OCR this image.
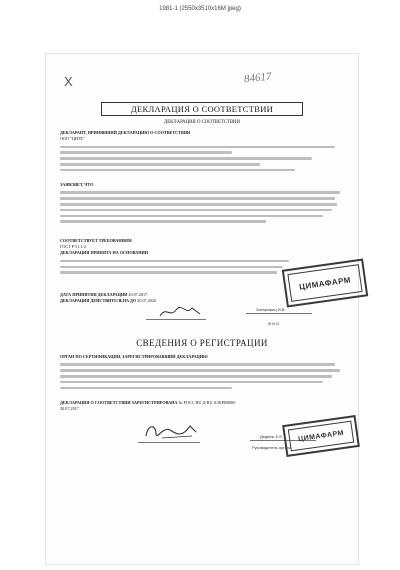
1981-1 (2550x3510x16M jpeg)
X	84617
ДЕКЛАРАЦИЯ О СООТВЕТСТВИИ
ДЕКЛАРАЦИЯ О СООТВЕТСТВИИ
ДЕКЛАРАНТ, ПРИНЯВШИЙ ДЕКЛАРАЦИЮ О СООТВЕТСТВИИ
ООО "ЦИТЕ"
ЗАЯВЛЯЕТ, ЧТО
СООТВЕТСТВУЕТ ТРЕБОВАНИЯМ
ГОСТ Р 51.1-2
ДЕКЛАРАЦИЯ ПРИНЯТА НА ОСНОВАНИИ
ЦИМАФАРМ
ДАТА ПРИНЯТИЯ ДЕКЛАРАЦИИ 20.07.2017
ДЕКЛАРАЦИЯ ДЕЙСТВИТЕЛЬНА ДО 20.07.2020
Запорожец И.В.
Ф.И.О.
СВЕДЕНИЯ О РЕГИСТРАЦИИ
ОРГАН ПО СЕРТИФИКАЦИИ, ЗАРЕГИСТРИРОВАВШИЙ ДЕКЛАРАЦИЮ
ДЕКЛАРАЦИЯ О СООТВЕТСТВИИ ЗАРЕГИСТРИРОВАНА № РОСС RU.Д-RU.А38.РВ0000
20.07.2017
Дедюль Е.Е.
Руководитель органа
ЦИМАФАРМ
